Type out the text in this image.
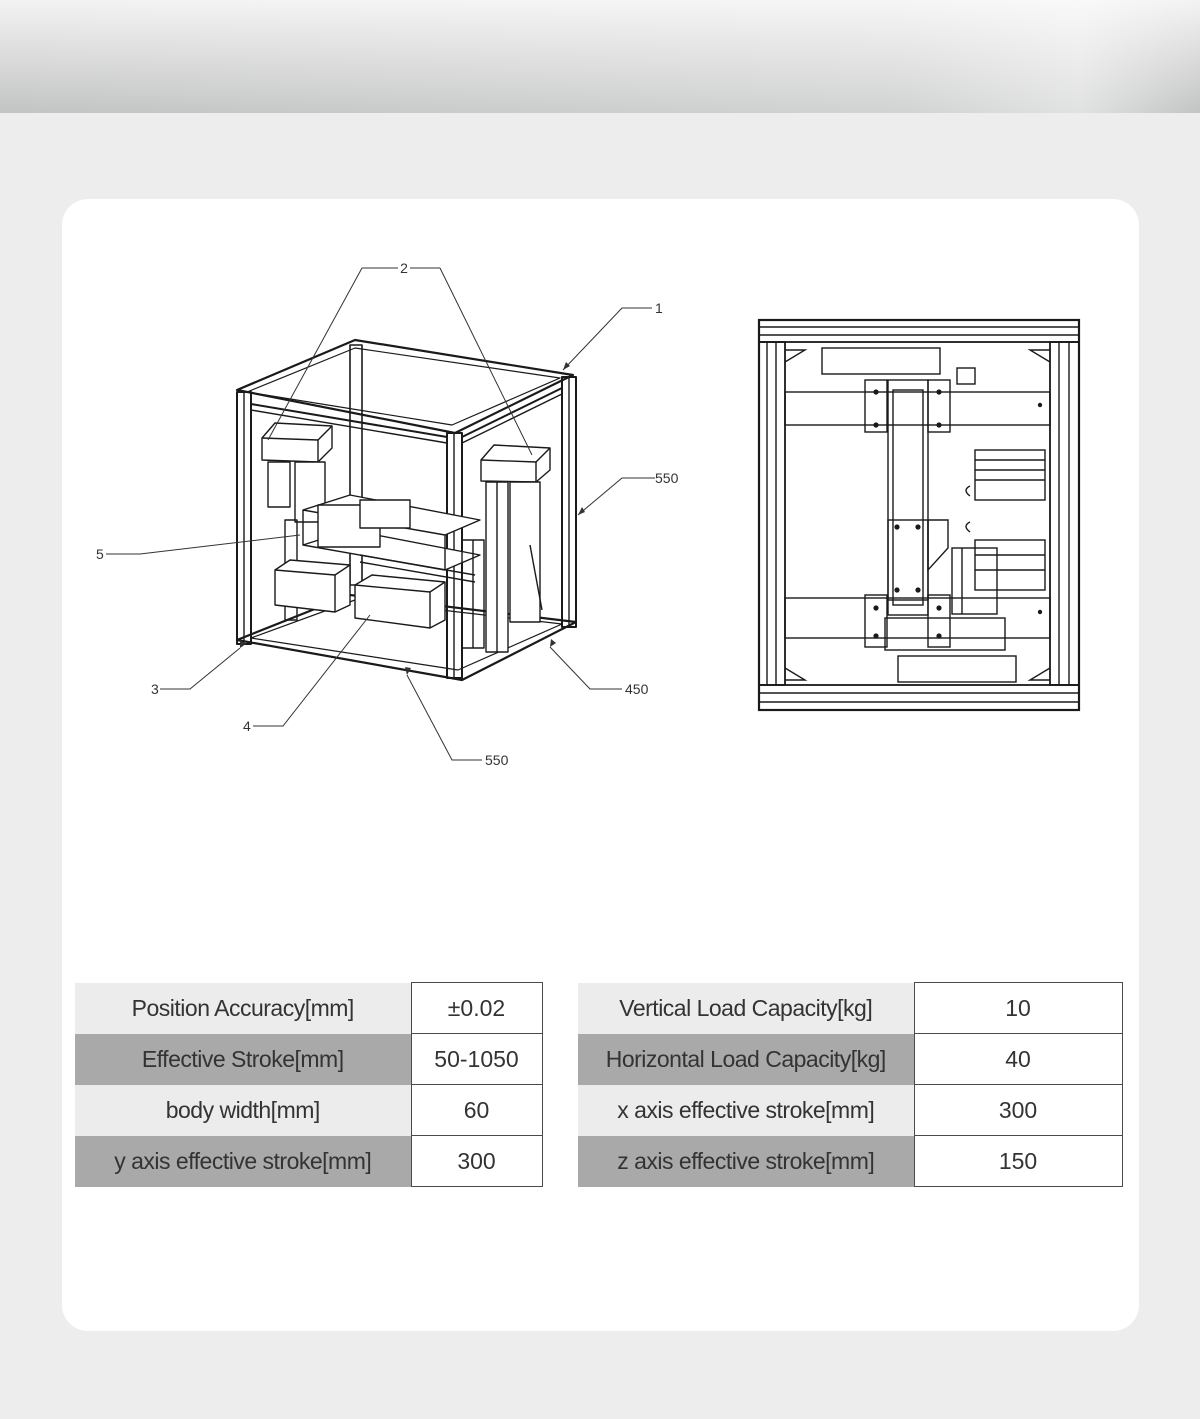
2
1
550
5
3
4
450
550
Position Accuracy[mm]	±0.02
Effective Stroke[mm]	50-1050
body width[mm]	60
y axis effective stroke[mm]	300
Vertical Load Capacity[kg]	10
Horizontal Load Capacity[kg]	40
x axis effective stroke[mm]	300
z axis effective stroke[mm]	150
